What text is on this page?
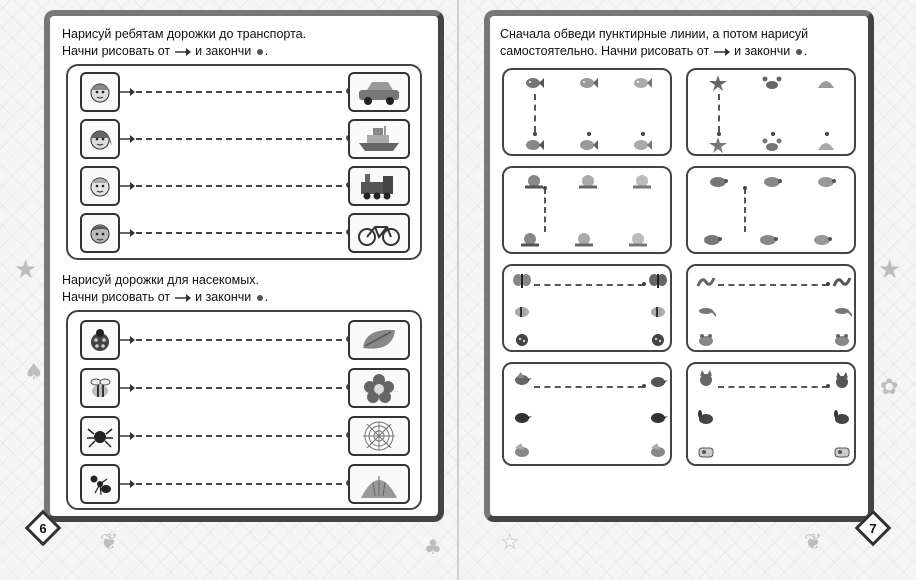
★	★
♠
✿
❦	❦
♣	☆
Нарисуй ребятам дорожки до транспорта.
Начни рисовать от и закончи .
Нарисуй дорожки для насекомых.
Начни рисовать от и закончи .
Сначала обведи пунктирные линии, а потом нарисуй
самостоятельно. Начни рисовать от и закончи .
6	7
